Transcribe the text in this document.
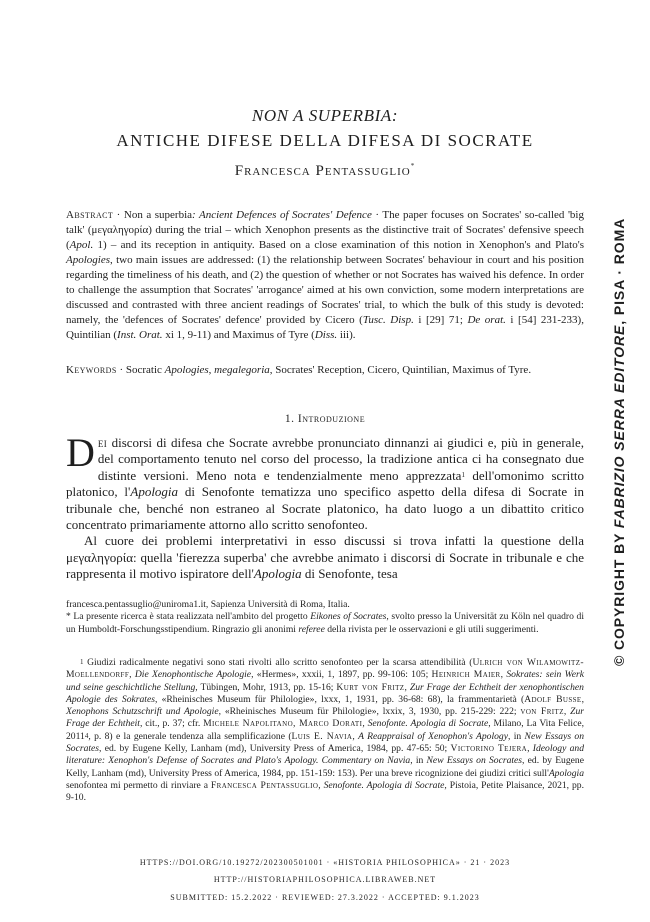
NON A SUPERBIA:
ANTICHE DIFESE DELLA DIFESA DI SOCRATE
Francesca Pentassuglio*
Abstract · Non a superbia: Ancient Defences of Socrates' Defence · The paper focuses on Socrates' so-called 'big talk' (μεγαληγορία) during the trial – which Xenophon presents as the distinctive trait of Socrates' defensive speech (Apol. 1) – and its reception in antiquity. Based on a close examination of this notion in Xenophon's and Plato's Apologies, two main issues are addressed: (1) the relationship between Socrates' behaviour in court and his position regarding the timeliness of his death, and (2) the question of whether or not Socrates has waived his defence. In order to challenge the assumption that Socrates' 'arrogance' aimed at his own conviction, some modern interpretations are discussed and contrasted with three ancient readings of Socrates' trial, to which the bulk of this study is devoted: namely, the 'defences of Socrates' defence' provided by Cicero (Tusc. Disp. i [29] 71; De orat. i [54] 231-233), Quintilian (Inst. Orat. xi 1, 9-11) and Maximus of Tyre (Diss. iii).
Keywords · Socratic Apologies, megalegoria, Socrates' Reception, Cicero, Quintilian, Maximus of Tyre.
1. Introduzione

Dei discorsi di difesa che Socrate avrebbe pronunciato dinnanzi ai giudici e, più in generale, del comportamento tenuto nel corso del processo, la tradizione antica ci ha consegnato due distinte versioni. Meno nota e tendenzialmente meno apprezzata$^1$ dell'omonimo scritto platonico, l'Apologia di Senofonte tematizza uno specifico aspetto della difesa di Socrate in tribunale che, benché non estraneo al Socrate platonico, ha dato luogo a un dibattito critico concentrato primariamente attorno allo scritto senofonteo.

Al cuore dei problemi interpretativi in esso discussi si trova infatti la questione della μεγαληγορία: quella 'fierezza superba' che avrebbe animato i discorsi di Socrate in tribunale e che rappresenta il motivo ispiratore dell'Apologia di Senofonte, tesa

francesca.pentassuglio@uniroma1.it, Sapienza Università di Roma, Italia.

* La presente ricerca è stata realizzata nell'ambito del progetto Eikones of Socrates, svolto presso la Universität zu Köln nel quadro di un Humboldt-Forschungsstipendium. Ringrazio gli anonimi referee della rivista per le osservazioni e gli utili suggerimenti.

$^1$ Giudizi radicalmente negativi sono stati rivolti allo scritto senofonteo per la scarsa attendibilità (Ulrich von Wilamowitz-Moellendorff, Die Xenophontische Apologie, «Hermes», xxxii, 1, 1897, pp. 99-106: 105; Heinrich Maier, Sokrates: sein Werk und seine geschichtliche Stellung, Tübingen, Mohr, 1913, pp. 15-16; Kurt von Fritz, Zur Frage der Echtheit der xenophontischen Apologie des Sokrates, «Rheinisches Museum für Philologie», lxxx, 1, 1931, pp. 36-68: 68), la frammentarietà (Adolf Busse, Xenophons Schutzschrift und Apologie, «Rheinisches Museum für Philologie», lxxix, 3, 1930, pp. 215-229: 222; von Fritz, Zur Frage der Echtheit, cit., p. 37; cfr. Michele Napolitano, Marco Dorati, Senofonte. Apologia di Socrate, Milano, La Vita Felice, 2011$^4$, p. 8) e la generale tendenza alla semplificazione (Luis E. Navia, A Reappraisal of Xenophon's Apology, in New Essays on Socrates, ed. by Eugene Kelly, Lanham (md), University Press of America, 1984, pp. 47-65: 50; Victorino Tejera, Ideology and literature: Xenophon's Defense of Socrates and Plato's Apology. Commentary on Navia, in New Essays on Socrates, ed. by Eugene Kelly, Lanham (md), University Press of America, 1984, pp. 151-159: 153). Per una breve ricognizione dei giudizi critici sull'Apologia senofontea mi permetto di rinviare a Francesca Pentassuglio, Senofonte. Apologia di Socrate, Pistoia, Petite Plaisance, 2021, pp. 9-10.

HTTPS://DOI.ORG/10.19272/202300501001 · «HISTORIA PHILOSOPHICA» · 21 · 2023
HTTP://HISTORIAPHILOSOPHICA.LIBRAWEB.NET
SUBMITTED: 15.2.2022 · REVIEWED: 27.3.2022 · ACCEPTED: 9.1.2023
© COPYRIGHT BY FABRIZIO SERRA EDITORE, PISA · ROMA
